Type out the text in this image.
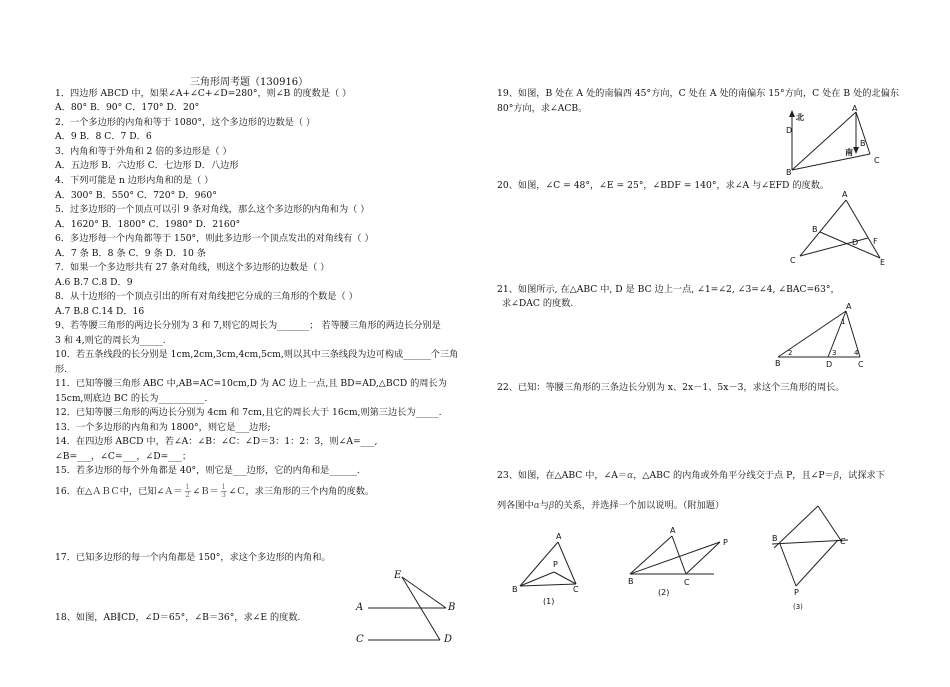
三角形周考题（130916）
1．四边形 ABCD 中，如果∠A+∠C+∠D=280°，则∠B 的度数是（ ）
A．80° B．90° C．170° D．20°
2．一个多边形的内角和等于 1080°，这个多边形的边数是（ ）
A．9 B．8 C．7 D．6
3．内角和等于外角和 2 倍的多边形是（ ）
A．五边形 B．六边形 C．七边形 D．八边形
4．下列可能是 n 边形内角和的是（ ）
A．300° B．550° C．720° D．960°
5．过多边形的一个顶点可以引 9 条对角线，那么这个多边形的内角和为（ ）
A．1620° B．1800° C．1980° D．2160°
6．多边形每一个内角都等于 150°，则此多边形一个顶点发出的对角线有（ ）
A．7 条 B．8 条 C．9 条 D．10 条
7．如果一个多边形共有 27 条对角线，则这个多边形的边数是（ ）
A.6 B.7 C.8 D．9
8．从十边形的一个顶点引出的所有对角线把它分成的三角形的个数是（ ）
A.7 B.8 C.14 D．16
9、若等腰三角形的两边长分别为 3 和 7,则它的周长为_______； 若等腰三角形的两边长分别是
3 和 4,则它的周长为_____.
10．若五条线段的长分别是 1cm,2cm,3cm,4cm,5cm,则以其中三条线段为边可构成______个三角
形.
11．已知等腰三角形 ABC 中,AB=AC=10cm,D 为 AC 边上一点,且 BD=AD,△BCD 的周长为
15cm,则底边 BC 的长为__________.
12．已知等腰三角形的两边长分别为 4cm 和 7cm,且它的周长大于 16cm,则第三边长为_____.
13．一个多边形的内角和为 1800°，则它是___边形;
14．在四边形 ABCD 中，若∠A：∠B：∠C：∠D＝3：1：2：3，则∠A=___,
∠B=___，∠C=___，∠D=___；
15．若多边形的每个外角都是 40°，则它是___边形，它的内角和是______.
16．在△ＡＢＣ中，已知∠Ａ＝ $\frac{1}{2}$ ∠Ｂ＝ $\frac{1}{3}$ ∠Ｃ，求三角形的三个内角的度数。
17．已知多边形的每一个内角都是 150°，求这个多边形的内角和。
18、如图，AB∥CD，∠D＝65°，∠B＝36°，求∠E 的度数.
E
A	B
C	D
19、如图，B 处在 A 处的南偏西 45°方向，C 处在 A 处的南偏东 15°方向，C 处在 B 处的北偏东
80°方向，求∠ACB。
北
A
D
B
南
C
B
20、如图，∠C = 48°，∠E = 25°，∠BDF = 140°，求∠A 与∠EFD 的度数。
A
B
D F
C	E
21、如图所示, 在△ABC 中, D 是 BC 边上一点, ∠1=∠2, ∠3=∠4, ∠BAC=63°，
求∠DAC 的度数.	A
1
2	3	4
B	D	C
22、已知：等腰三角形的三条边长分别为 x、2x－1、5x－3，求这个三角形的周长。
23、如图，在△ABC 中，∠A＝α，△ABC 的内角或外角平分线交于点 P，且∠P＝β，试探求下
列各图中α与β的关系，并选择一个加以说明。（附加题）
A
P
B	C
(1)
A
P
B	C
(2)
B	C
P
(3)
